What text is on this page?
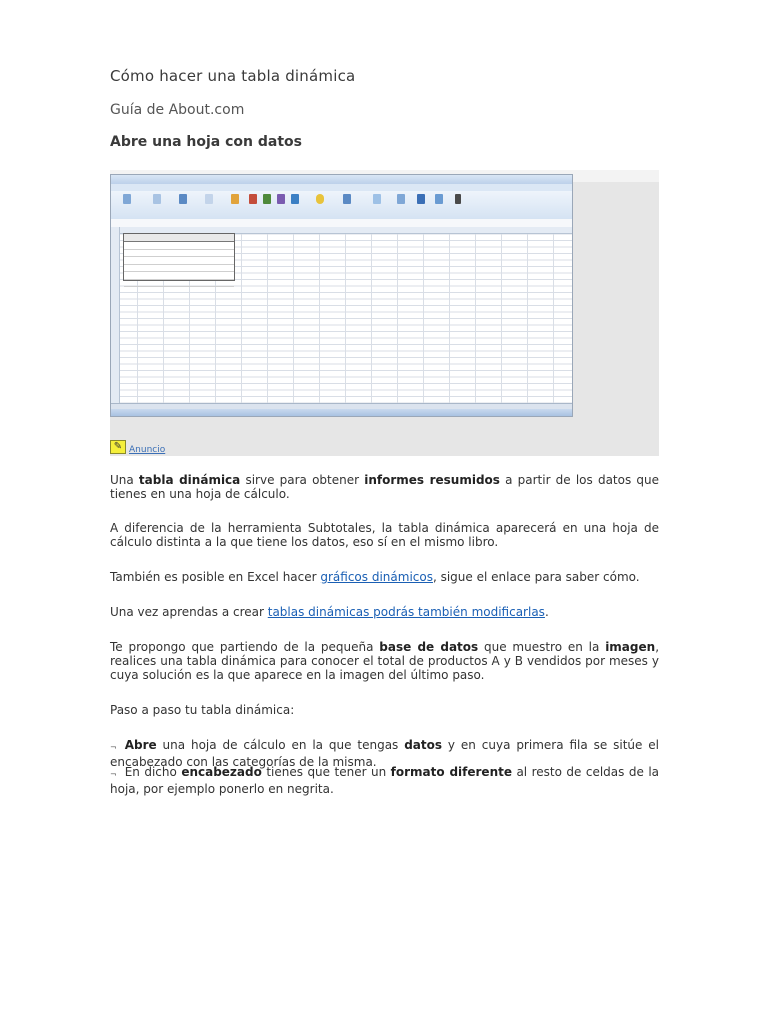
Cómo hacer una tabla dinámica
Guía de About.com
Abre una hoja con datos
✎ Anuncio
Una tabla dinámica sirve para obtener informes resumidos a partir de los datos que tienes en una hoja de cálculo.
A diferencia de la herramienta Subtotales, la tabla dinámica aparecerá en una hoja de cálculo distinta a la que tiene los datos, eso sí en el mismo libro.
También es posible en Excel hacer gráficos dinámicos, sigue el enlace para saber cómo.
Una vez aprendas a crear tablas dinámicas podrás también modificarlas.
Te propongo que partiendo de la pequeña base de datos que muestro en la imagen, realices una tabla dinámica para conocer el total de productos A y B vendidos por meses y cuya solución es la que aparece en la imagen del último paso.
Paso a paso tu tabla dinámica:
¬ Abre una hoja de cálculo en la que tengas datos y en cuya primera fila se sitúe el encabezado con las categorías de la misma.
¬ En dicho encabezado tienes que tener un formato diferente al resto de celdas de la hoja, por ejemplo ponerlo en negrita.
